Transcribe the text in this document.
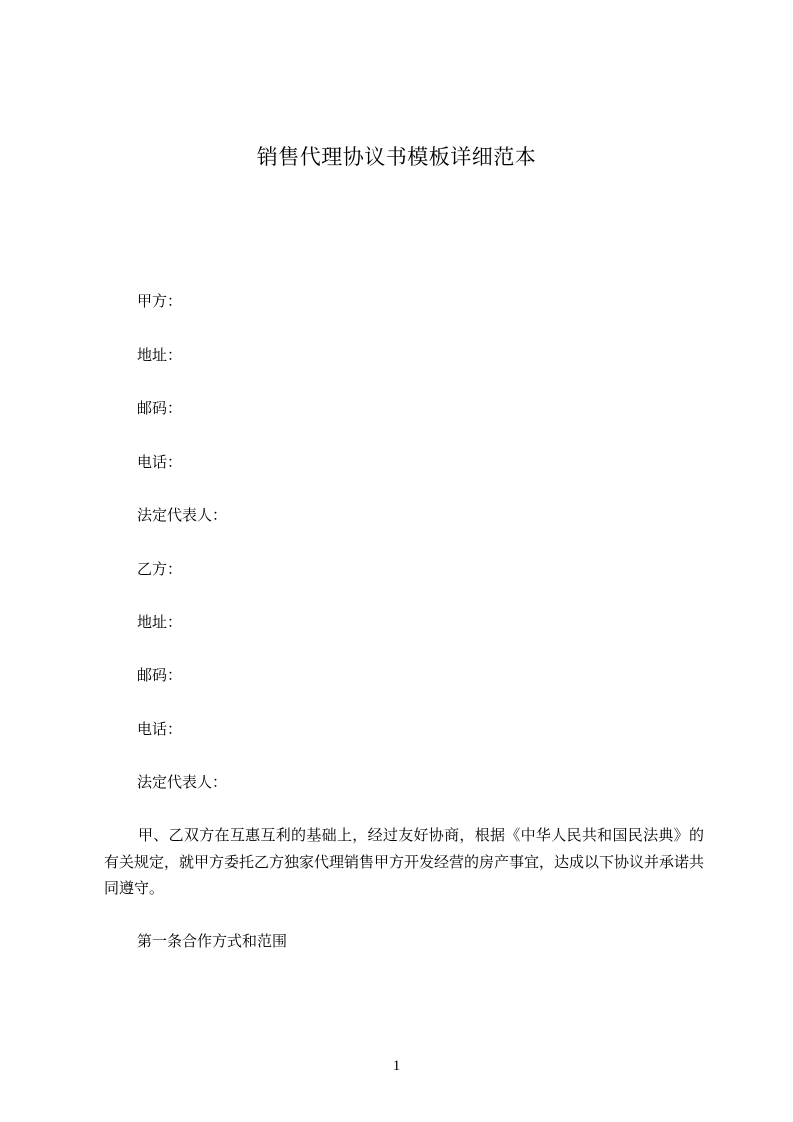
销售代理协议书模板详细范本
甲方：
地址：
邮码：
电话：
法定代表人：
乙方：
地址：
邮码：
电话：
法定代表人：
甲、乙双方在互惠互利的基础上，经过友好协商，根据《中华人民共和国民法典》的有关规定，就甲方委托乙方独家代理销售甲方开发经营的房产事宜，达成以下协议并承诺共同遵守。
第一条合作方式和范围
1
